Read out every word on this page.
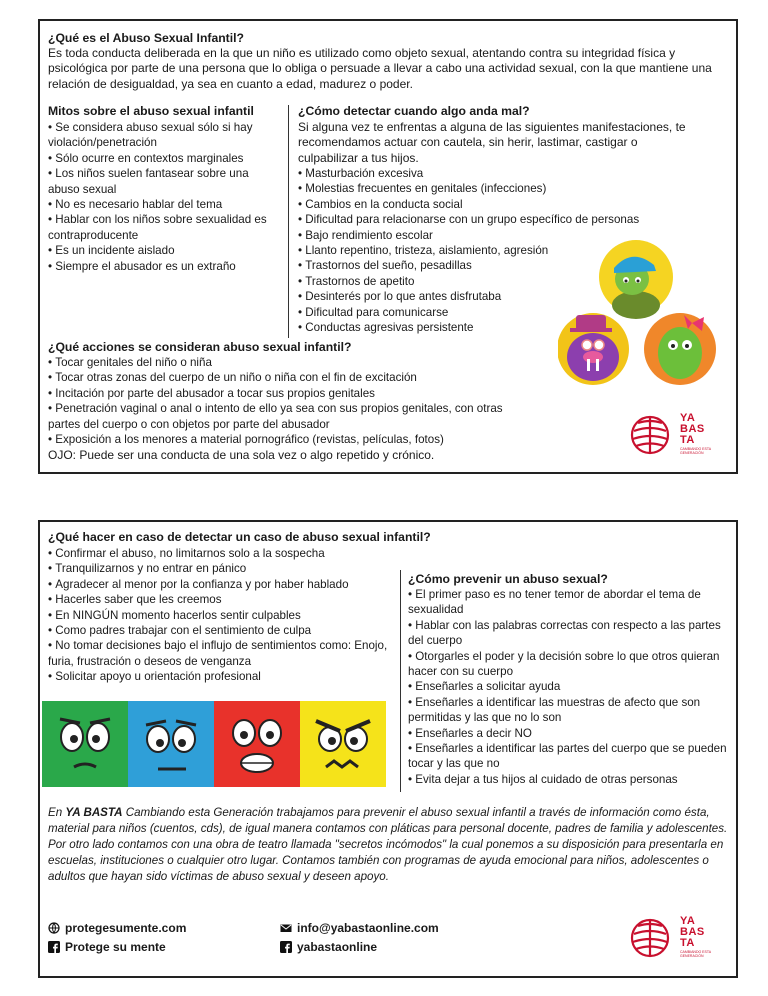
¿Qué es el Abuso Sexual Infantil?

Es toda conducta deliberada en la que un niño es utilizado como objeto sexual, atentando contra su integridad física y psicológica por parte de una persona que lo obliga o persuade a llevar a cabo una actividad sexual, con la que mantiene una relación de desigualdad, ya sea en cuanto a edad, madurez o poder.

Mitos sobre el abuso sexual infantil
• Se considera abuso sexual sólo si hay violación/penetración
• Sólo ocurre en contextos marginales
• Los niños suelen fantasear sobre una abuso sexual
• No es necesario hablar del tema
• Hablar con los niños sobre sexualidad es contraproducente
• Es un incidente aislado
• Siempre el abusador es un extraño
¿Cómo detectar cuando algo anda mal?

Si alguna vez te enfrentas a alguna de las siguientes manifestaciones, te recomendamos actuar con cautela, sin herir, lastimar, castigar o culpabilizar a tus hijos.

• Masturbación excesiva
• Molestias frecuentes en genitales (infecciones)
• Cambios en la conducta social
• Dificultad para relacionarse con un grupo específico de personas
• Bajo rendimiento escolar
• Llanto repentino, tristeza, aislamiento, agresión
• Trastornos del sueño, pesadillas
• Trastornos de apetito
• Desinterés por lo que antes disfrutaba
• Dificultad para comunicarse
• Conductas agresivas persistente
¿Qué acciones se consideran abuso sexual infantil?
• Tocar genitales del niño o niña
• Tocar otras zonas del cuerpo de un niño o niña con el fin de excitación
• Incitación por parte del abusador a tocar sus propios genitales
• Penetración vaginal o anal o intento de ello ya sea con sus propios genitales, con otras partes del cuerpo o con objetos por parte del abusador
• Exposición a los menores a material pornográfico (revistas, películas, fotos)

OJO: Puede ser una conducta de una sola vez o algo repetido y crónico.

YA
BAS
TA
CAMBIANDO ESTA GENERACIÓN
¿Qué hacer en caso de detectar un caso de abuso sexual infantil?
• Confirmar el abuso, no limitarnos solo a la sospecha
• Tranquilizarnos y no entrar en pánico
• Agradecer al menor por la confianza y por haber hablado
• Hacerles saber que les creemos
• En NINGÚN momento hacerlos sentir culpables
• Como padres trabajar con el sentimiento de culpa
• No tomar decisiones bajo el influjo de sentimientos como: Enojo, furia, frustración o deseos de venganza
• Solicitar apoyo u orientación profesional
¿Cómo prevenir un abuso sexual?
• El primer paso es no tener temor de abordar el tema de sexualidad
• Hablar con las palabras correctas con respecto a las partes del cuerpo
• Otorgarles el poder y la decisión sobre lo que otros quieran hacer con su cuerpo
• Enseñarles a solicitar ayuda
• Enseñarles a identificar las muestras de afecto que son permitidas y las que no lo son
• Enseñarles a decir NO
• Enseñarles a identificar las partes del cuerpo que se pueden tocar y las que no
• Evita dejar a tus hijos al cuidado de otras personas

En YA BASTA Cambiando esta Generación trabajamos para prevenir el abuso sexual infantil a través de información como ésta, material para niños (cuentos, cds), de igual manera contamos con pláticas para personal docente, padres de familia y adolescentes. Por otro lado contamos con una obra de teatro llamada "secretos incómodos" la cual ponemos a su disposición para presentarla en escuelas, instituciones o cualquier otro lugar. Contamos también con programas de ayuda emocional para niños, adolescentes o adultos que hayan sido víctimas de abuso sexual y deseen apoyo.

protegesumente.com
Protege su mente
info@yabastaonline.com
yabastaonline
YA
BAS
TA
CAMBIANDO ESTA GENERACIÓN
